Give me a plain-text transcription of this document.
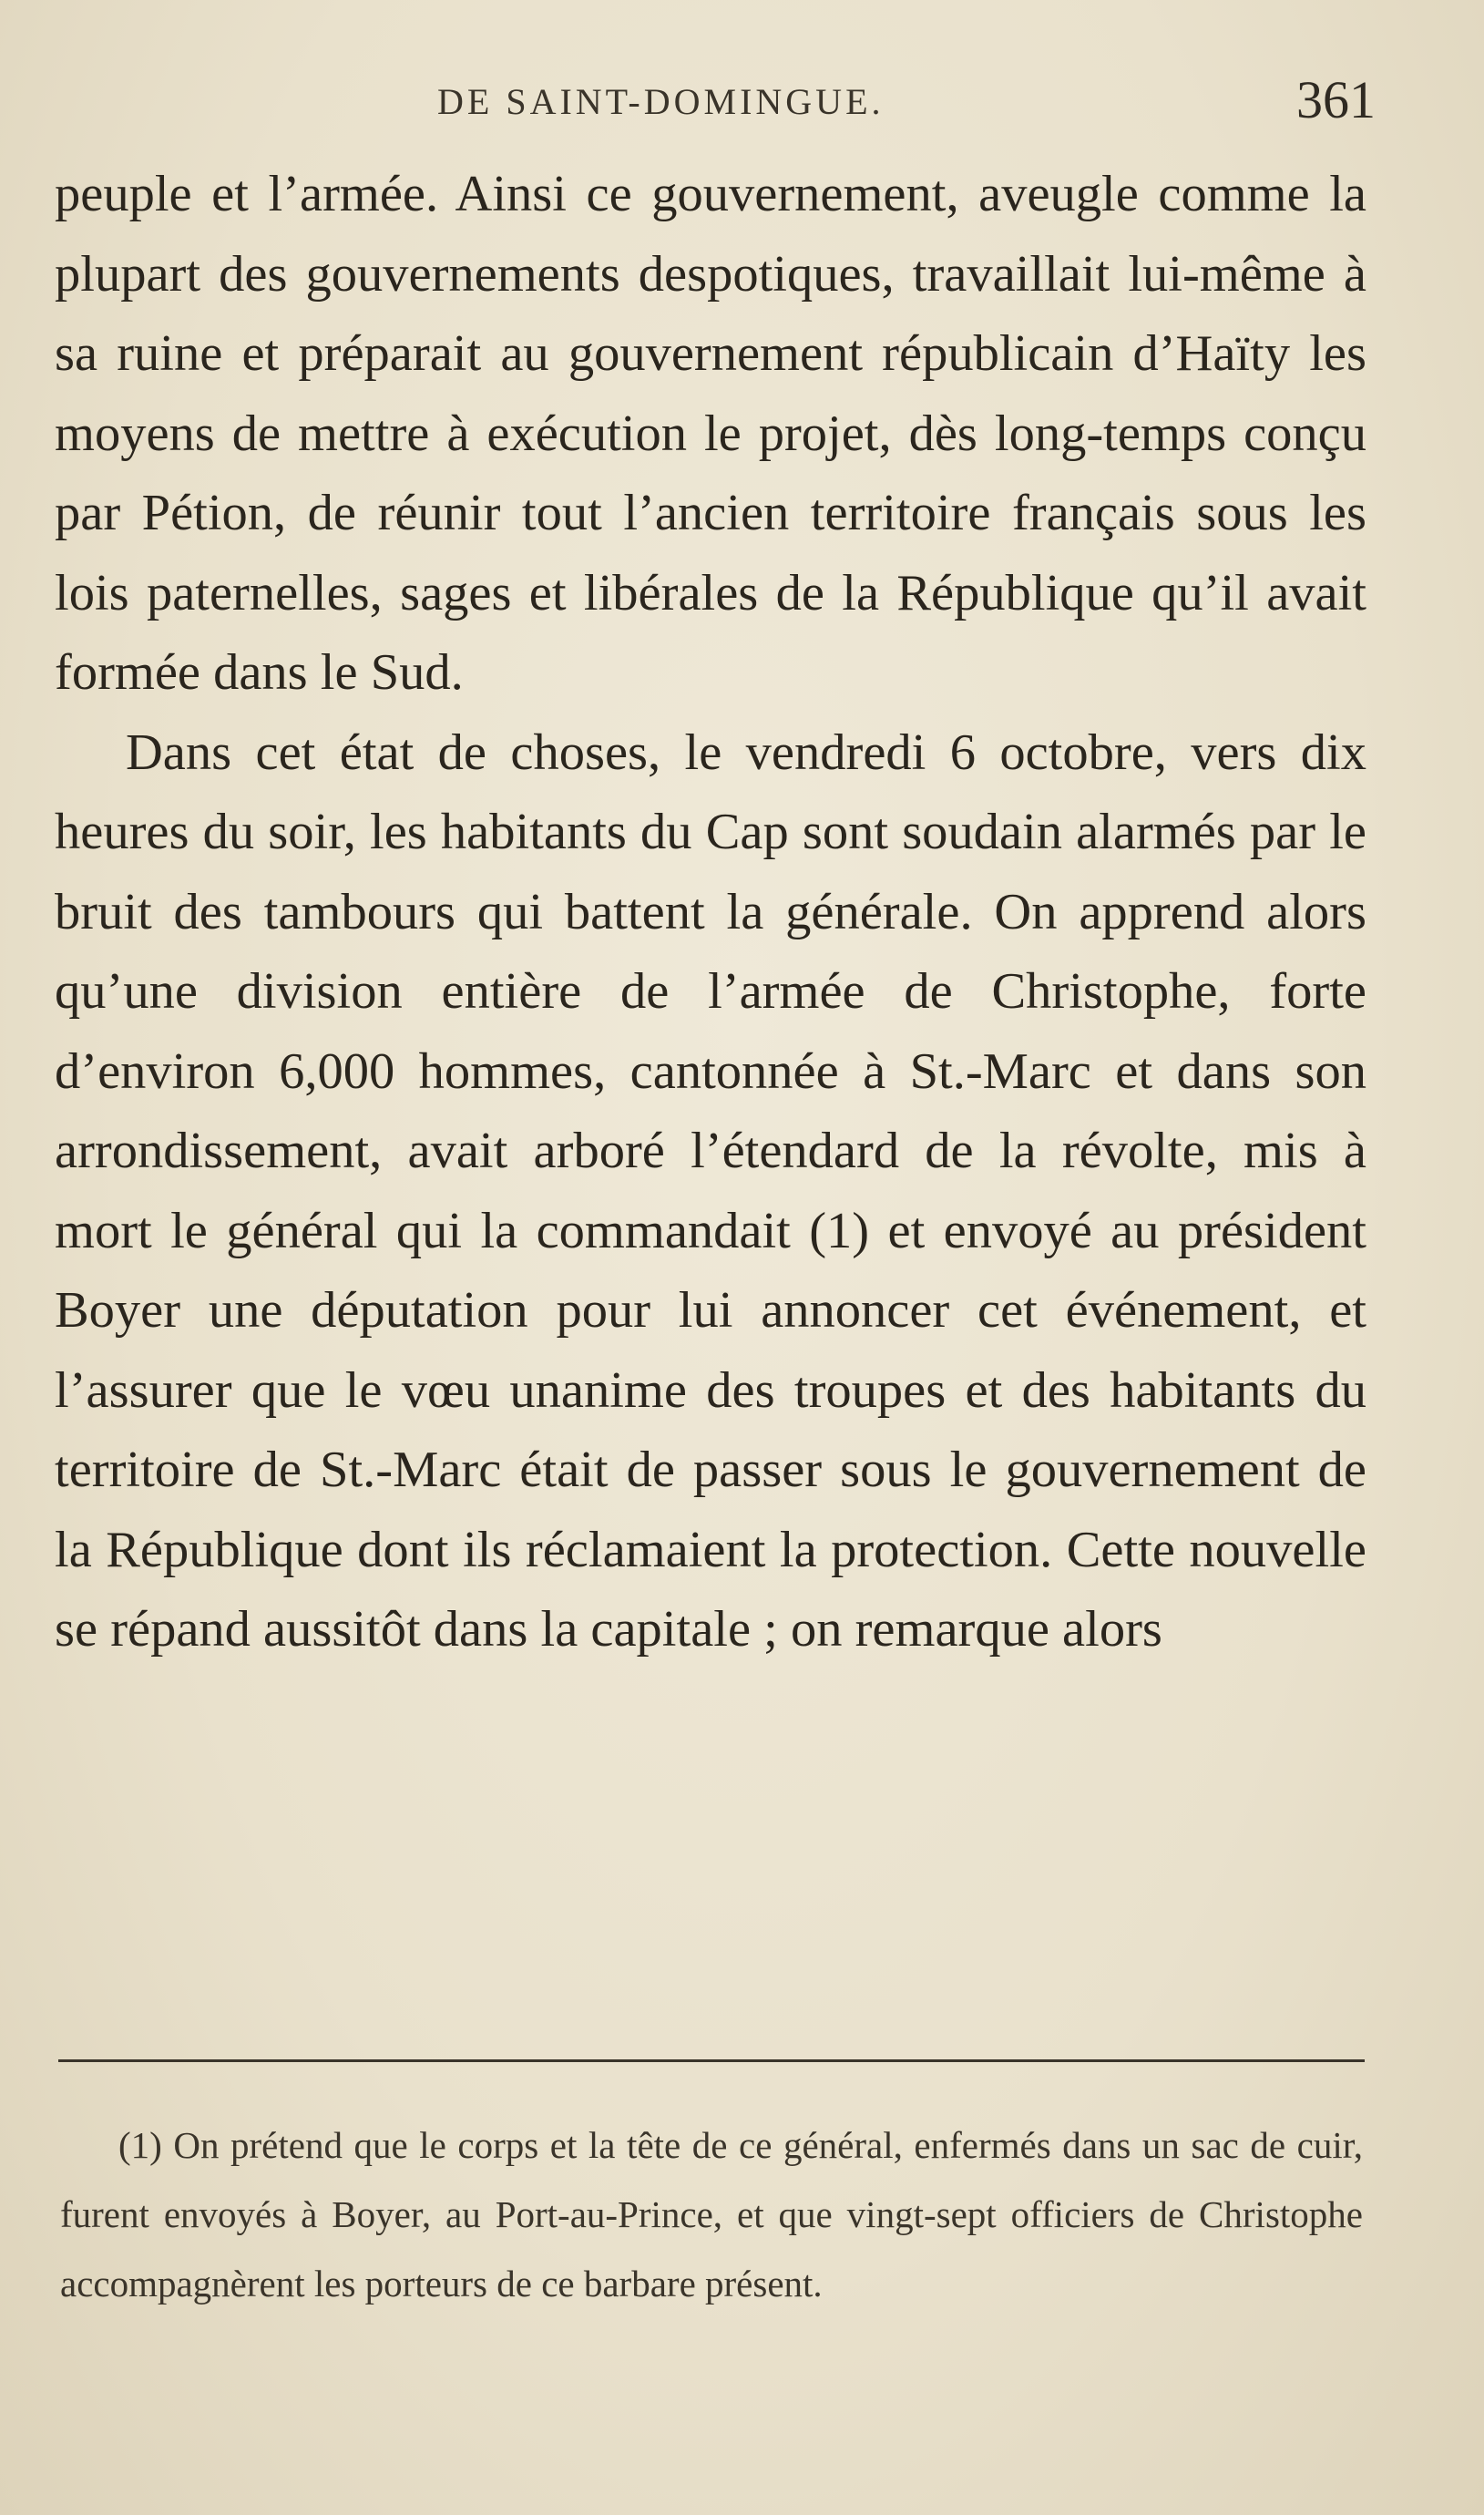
DE SAINT-DOMINGUE.	361

peuple et l’armée. Ainsi ce gouvernement, aveugle comme la plupart des gouvernements despotiques, travaillait lui-même à sa ruine et préparait au gouvernement républicain d’Haïty les moyens de mettre à exécution le projet, dès long-temps conçu par Pétion, de réunir tout l’ancien territoire français sous les lois paternelles, sages et libérales de la République qu’il avait formée dans le Sud.

Dans cet état de choses, le vendredi 6 octobre, vers dix heures du soir, les habitants du Cap sont soudain alarmés par le bruit des tambours qui battent la générale. On apprend alors qu’une division entière de l’armée de Christophe, forte d’environ 6,000 hommes, cantonnée à St.-Marc et dans son arrondissement, avait arboré l’étendard de la révolte, mis à mort le général qui la commandait (1) et envoyé au président Boyer une députation pour lui annoncer cet événement, et l’assurer que le vœu unanime des troupes et des habitants du territoire de St.-Marc était de passer sous le gouvernement de la République dont ils réclamaient la protection. Cette nouvelle se répand aussitôt dans la capitale ; on remarque alors

(1) On prétend que le corps et la tête de ce général, enfermés dans un sac de cuir, furent envoyés à Boyer, au Port-au-Prince, et que vingt-sept officiers de Christophe accompagnèrent les porteurs de ce barbare présent.
